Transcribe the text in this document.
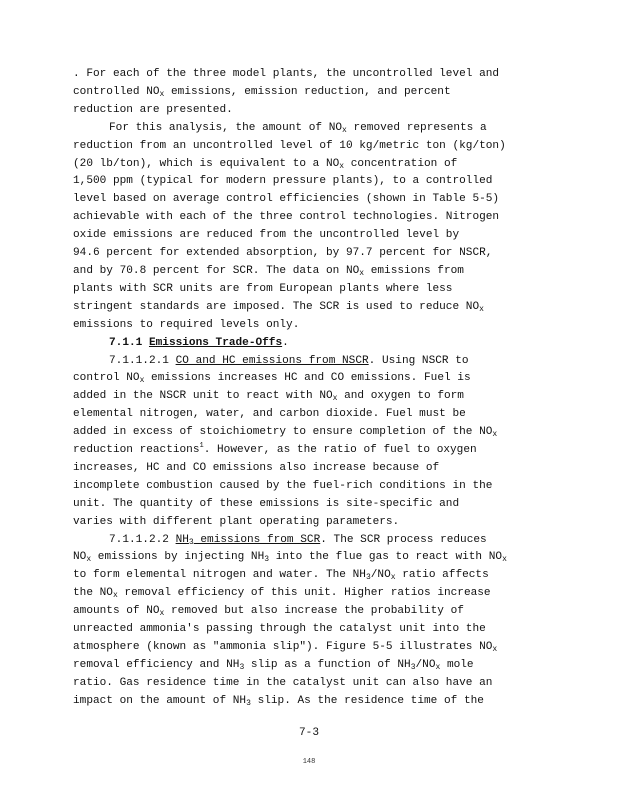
. For each of the three model plants, the uncontrolled level and
controlled $NO_x$ emissions, emission reduction, and percent
reduction are presented.
For this analysis, the amount of $NO_x$ removed represents a
reduction from an uncontrolled level of 10 kg/metric ton (kg/ton)
(20 lb/ton), which is equivalent to a $NO_x$ concentration of
1,500 ppm (typical for modern pressure plants), to a controlled
level based on average control efficiencies (shown in Table 5-5)
achievable with each of the three control technologies. Nitrogen
oxide emissions are reduced from the uncontrolled level by
94.6 percent for extended absorption, by 97.7 percent for NSCR,
and by 70.8 percent for SCR. The data on $NO_x$ emissions from
plants with SCR units are from European plants where less
stringent standards are imposed. The SCR is used to reduce $NO_x$
emissions to required levels only.
7.1.1 Emissions Trade-Offs.
7.1.1.2.1 CO and HC emissions from NSCR. Using NSCR to
control $NO_x$ emissions increases HC and CO emissions. Fuel is
added in the NSCR unit to react with $NO_x$ and oxygen to form
elemental nitrogen, water, and carbon dioxide. Fuel must be
added in excess of stoichiometry to ensure completion of the $NO_x$
reduction reactions$^1$. However, as the ratio of fuel to oxygen
increases, HC and CO emissions also increase because of
incomplete combustion caused by the fuel-rich conditions in the
unit. The quantity of these emissions is site-specific and
varies with different plant operating parameters.
7.1.1.2.2 $NH_3$ emissions from SCR. The SCR process reduces
$NO_x$ emissions by injecting $NH_3$ into the flue gas to react with $NO_x$
to form elemental nitrogen and water. The $NH_3/NO_x$ ratio affects
the $NO_x$ removal efficiency of this unit. Higher ratios increase
amounts of $NO_x$ removed but also increase the probability of
unreacted ammonia's passing through the catalyst unit into the
atmosphere (known as "ammonia slip"). Figure 5-5 illustrates $NO_x$
removal efficiency and $NH_3$ slip as a function of $NH_3/NO_x$ mole
ratio. Gas residence time in the catalyst unit can also have an
impact on the amount of $NH_3$ slip. As the residence time of the
7-3
148
